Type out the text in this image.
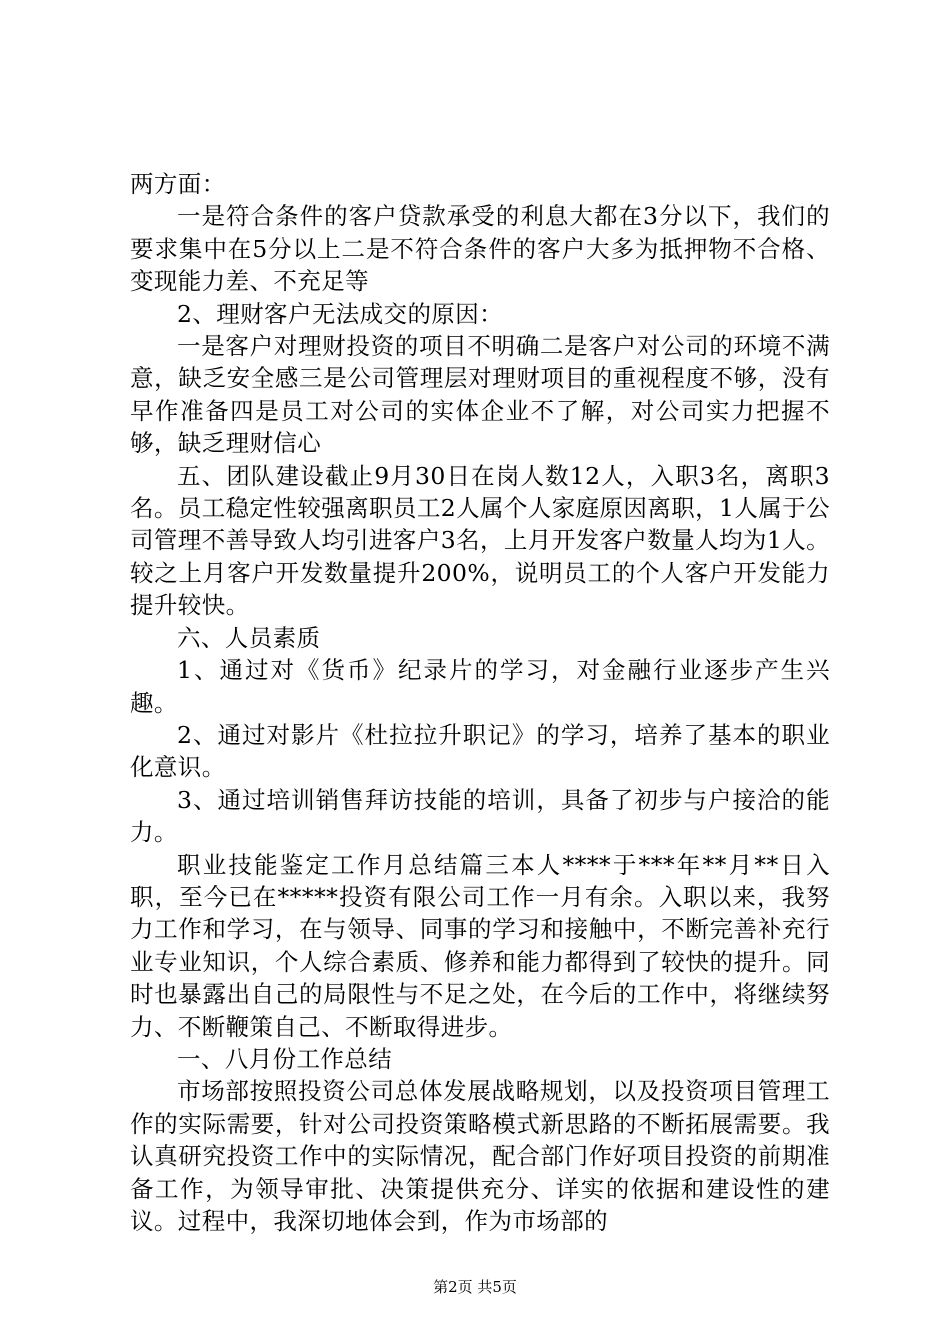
两方面：

一是符合条件的客户贷款承受的利息大都在3分以下，我们的要求集中在5分以上二是不符合条件的客户大多为抵押物不合格、变现能力差、不充足等

2、理财客户无法成交的原因：

一是客户对理财投资的项目不明确二是客户对公司的环境不满意，缺乏安全感三是公司管理层对理财项目的重视程度不够，没有早作准备四是员工对公司的实体企业不了解，对公司实力把握不够，缺乏理财信心

五、团队建设截止9月30日在岗人数12人，入职3名，离职3名。员工稳定性较强离职员工2人属个人家庭原因离职，1人属于公司管理不善导致人均引进客户3名，上月开发客户数量人均为1人。较之上月客户开发数量提升200%，说明员工的个人客户开发能力提升较快。

六、人员素质

1、通过对《货币》纪录片的学习，对金融行业逐步产生兴趣。

2、通过对影片《杜拉拉升职记》的学习，培养了基本的职业化意识。

3、通过培训销售拜访技能的培训，具备了初步与户接洽的能力。

职业技能鉴定工作月总结篇三本人****于***年**月**日入职，至今已在*****投资有限公司工作一月有余。入职以来，我努力工作和学习，在与领导、同事的学习和接触中，不断完善补充行业专业知识，个人综合素质、修养和能力都得到了较快的提升。同时也暴露出自己的局限性与不足之处，在今后的工作中，将继续努力、不断鞭策自己、不断取得进步。

一、八月份工作总结

市场部按照投资公司总体发展战略规划，以及投资项目管理工作的实际需要，针对公司投资策略模式新思路的不断拓展需要。我认真研究投资工作中的实际情况，配合部门作好项目投资的前期准备工作，为领导审批、决策提供充分、详实的依据和建设性的建议。过程中，我深切地体会到，作为市场部的

第2页 共5页
